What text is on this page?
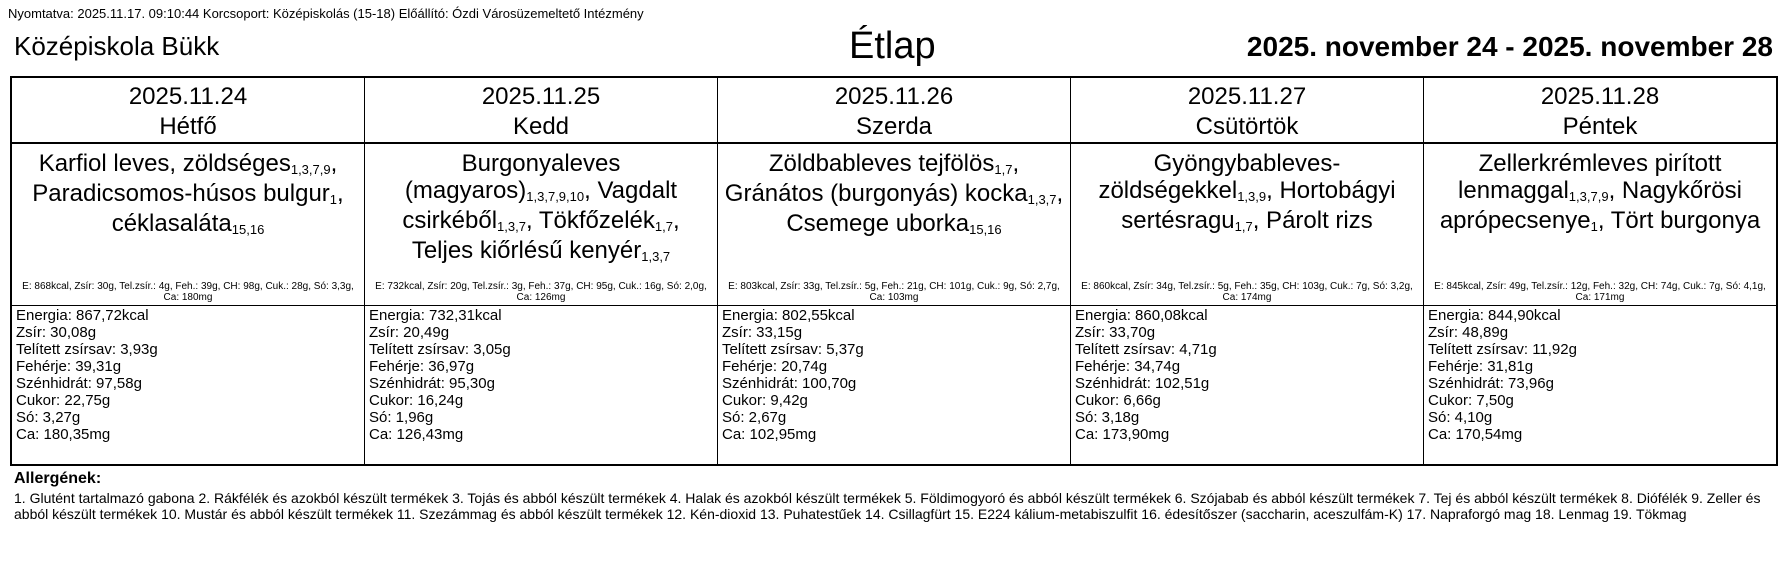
Nyomtatva: 2025.11.17. 09:10:44 Korcsoport: Középiskolás (15-18) Előállító: Ózdi Városüzemeltető Intézmény
Középiskola Bükk	Étlap	2025. november 24 - 2025. november 28
2025.11.24
Hétfő
Karfiol leves, zöldséges$_{1,3,7,9}$, Paradicsomos-húsos bulgur$_1$, céklasaláta$_{15,16}$
E: 868kcal, Zsír: 30g, Tel.zsír.: 4g, Feh.: 39g, CH: 98g, Cuk.: 28g, Só: 3,3g, Ca: 180mg
Energia: 867,72kcal
Zsír: 30,08g
Telített zsírsav: 3,93g
Fehérje: 39,31g
Szénhidrát: 97,58g
Cukor: 22,75g
Só: 3,27g
Ca: 180,35mg
2025.11.25
Kedd
Burgonyaleves $(magyaros)_{1,3,7,9,10}$, Vagdalt csirkéből$_{1,3,7}$, Tökfőzelék$_{1,7}$, Teljes kiőrlésű kenyér$_{1,3,7}$
E: 732kcal, Zsír: 20g, Tel.zsír.: 3g, Feh.: 37g, CH: 95g, Cuk.: 16g, Só: 2,0g, Ca: 126mg
Energia: 732,31kcal
Zsír: 20,49g
Telített zsírsav: 3,05g
Fehérje: 36,97g
Szénhidrát: 95,30g
Cukor: 16,24g
Só: 1,96g
Ca: 126,43mg
2025.11.26
Szerda
Zöldbableves tejfölös$_{1,7}$, Gránátos (burgonyás) kocka$_{1,3,7}$, Csemege uborka$_{15,16}$
E: 803kcal, Zsír: 33g, Tel.zsír.: 5g, Feh.: 21g, CH: 101g, Cuk.: 9g, Só: 2,7g, Ca: 103mg
Energia: 802,55kcal
Zsír: 33,15g
Telített zsírsav: 5,37g
Fehérje: 20,74g
Szénhidrát: 100,70g
Cukor: 9,42g
Só: 2,67g
Ca: 102,95mg
2025.11.27
Csütörtök
Gyöngybableves-zöldségekkel$_{1,3,9}$, Hortobágyi sertésragu$_{1,7}$, Párolt rizs
E: 860kcal, Zsír: 34g, Tel.zsír.: 5g, Feh.: 35g, CH: 103g, Cuk.: 7g, Só: 3,2g, Ca: 174mg
Energia: 860,08kcal
Zsír: 33,70g
Telített zsírsav: 4,71g
Fehérje: 34,74g
Szénhidrát: 102,51g
Cukor: 6,66g
Só: 3,18g
Ca: 173,90mg
2025.11.28
Péntek
Zellerkrémleves pirított lenmaggal$_{1,3,7,9}$, Nagykőrösi aprópecsenye$_1$, Tört burgonya
E: 845kcal, Zsír: 49g, Tel.zsír.: 12g, Feh.: 32g, CH: 74g, Cuk.: 7g, Só: 4,1g, Ca: 171mg
Energia: 844,90kcal
Zsír: 48,89g
Telített zsírsav: 11,92g
Fehérje: 31,81g
Szénhidrát: 73,96g
Cukor: 7,50g
Só: 4,10g
Ca: 170,54mg
Allergének:
1. Glutént tartalmazó gabona 2. Rákfélék és azokból készült termékek 3. Tojás és abból készült termékek 4. Halak és azokból készült termékek 5. Földimogyoró és abból készült termékek 6. Szójabab és abból készült termékek 7. Tej és abból készült termékek 8. Diófélék 9. Zeller és abból készült termékek 10. Mustár és abból készült termékek 11. Szezámmag és abból készült termékek 12. Kén-dioxid 13. Puhatestűek 14. Csillagfürt 15. E224 kálium-metabiszulfit 16. édesítőszer (saccharin, aceszulfám-K) 17. Napraforgó mag 18. Lenmag 19. Tökmag
